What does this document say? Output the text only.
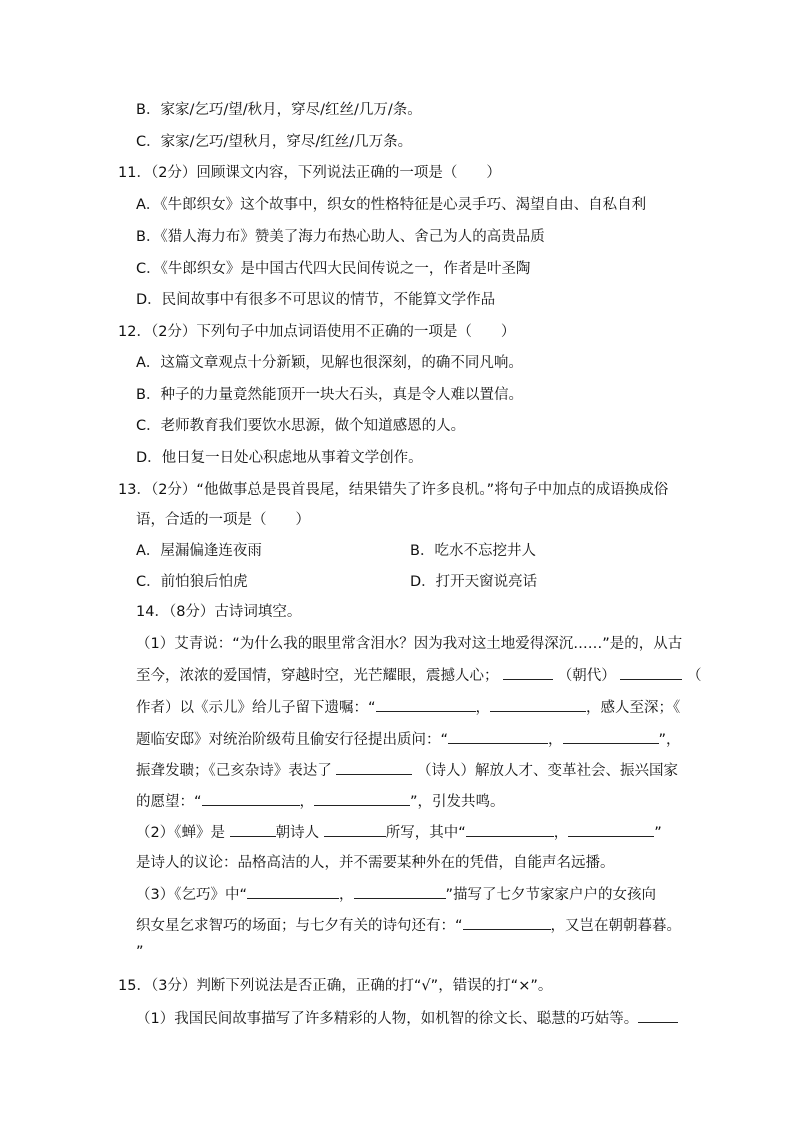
B．家家/乞巧/望/秋月，穿尽/红丝/几万/条。
C．家家/乞巧/望秋月，穿尽/红丝/几万条。
11．（2分）回顾课文内容，下列说法正确的一项是（　　）
A．《牛郎织女》这个故事中，织女的性格特征是心灵手巧、渴望自由、自私自利
B．《猎人海力布》赞美了海力布热心助人、舍己为人的高贵品质
C．《牛郎织女》是中国古代四大民间传说之一，作者是叶圣陶
D．民间故事中有很多不可思议的情节，不能算文学作品
12．（2分）下列句子中加点词语使用不正确的一项是（　　）
A．这篇文章观点十分新颖，见解也很深刻，的确不同凡响。
B．种子的力量竟然能顶开一块大石头，真是令人难以置信。
C．老师教育我们要饮水思源，做个知道感恩的人。
D．他日复一日处心积虑地从事着文学创作。
13．（2分）“他做事总是畏首畏尾，结果错失了许多良机。”将句子中加点的成语换成俗
语，合适的一项是（　　）
A．屋漏偏逢连夜雨	B．吃水不忘挖井人
C．前怕狼后怕虎	D．打开天窗说亮话
14．（8分）古诗词填空。
（1）艾青说：“为什么我的眼里常含泪水？因为我对这土地爱得深沉……”是的，从古
至今，浓浓的爱国情，穿越时空，光芒耀眼，震撼人心；	（朝代）	（
作者）以《示儿》给儿子留下遗嘱：“	，	，感人至深；《
题临安邸》对统治阶级苟且偷安行径提出质问：“	，	”，
振聋发聩；《己亥杂诗》表达了	（诗人）解放人才、变革社会、振兴国家
的愿望：“	，	”，引发共鸣。
（2）《蝉》是	朝诗人	所写，其中“	，	”
是诗人的议论：品格高洁的人，并不需要某种外在的凭借，自能声名远播。
（3）《乞巧》中“	，	”描写了七夕节家家户户的女孩向
织女星乞求智巧的场面；与七夕有关的诗句还有：“	，又岂在朝朝暮暮。
”
15．（3分）判断下列说法是否正确，正确的打“√”，错误的打“×”。
（1）我国民间故事描写了许多精彩的人物，如机智的徐文长、聪慧的巧姑等。
